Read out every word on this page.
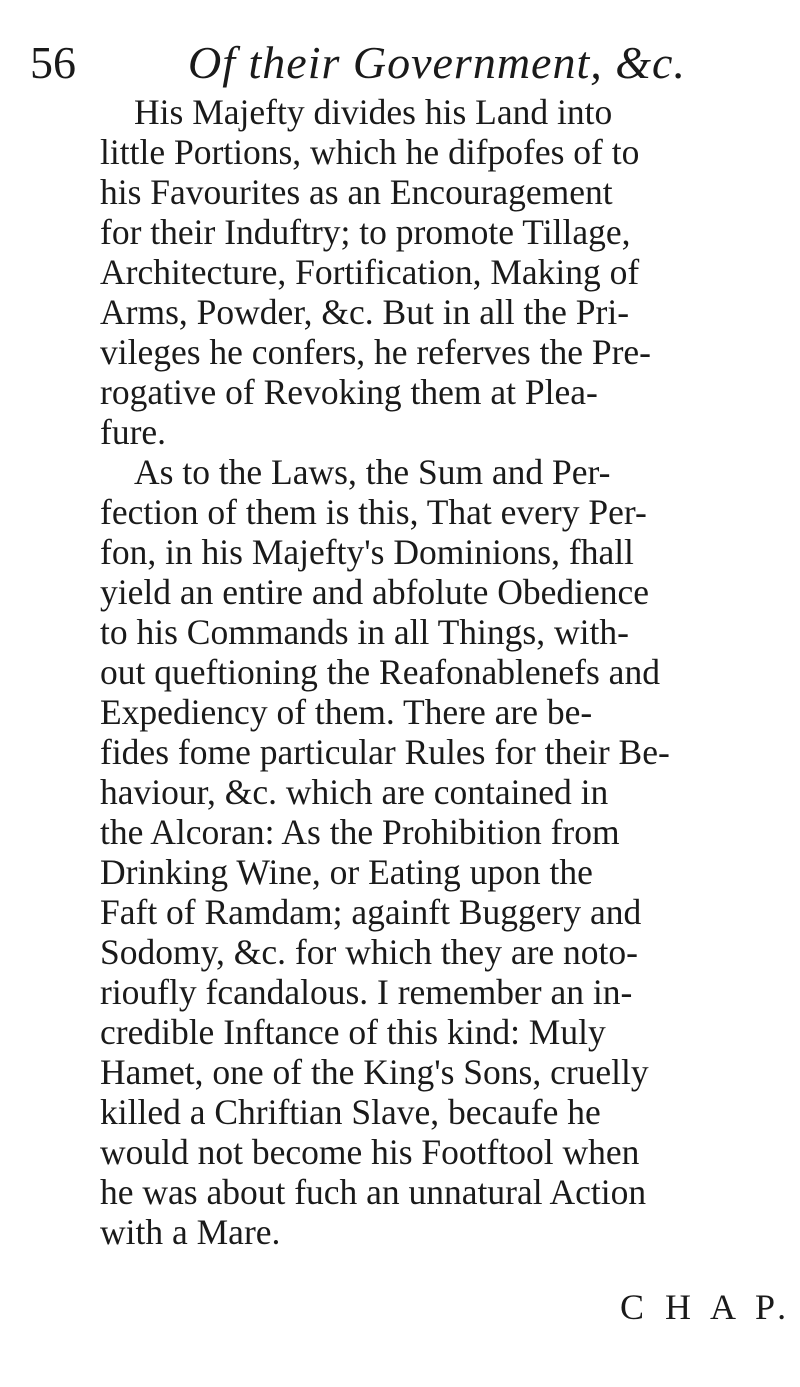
56 Of their Government, &c.
His Majefty divides his Land into
little Portions, which he difpofes of to
his Favourites as an Encouragement
for their Induftry; to promote Tillage,
Architecture, Fortification, Making of
Arms, Powder, &c. But in all the Pri-
vileges he confers, he referves the Pre-
rogative of Revoking them at Plea-
fure.
As to the Laws, the Sum and Per-
fection of them is this, That every Per-
fon, in his Majefty's Dominions, fhall
yield an entire and abfolute Obedience
to his Commands in all Things, with-
out queftioning the Reafonablenefs and
Expediency of them. There are be-
fides fome particular Rules for their Be-
haviour, &c. which are contained in
the Alcoran: As the Prohibition from
Drinking Wine, or Eating upon the
Faft of Ramdam; againft Buggery and
Sodomy, &c. for which they are noto-
rioufly fcandalous. I remember an in-
credible Inftance of this kind: Muly
Hamet, one of the King's Sons, cruelly
killed a Chriftian Slave, becaufe he
would not become his Footftool when
he was about fuch an unnatural Action
with a Mare.
C H A P.
